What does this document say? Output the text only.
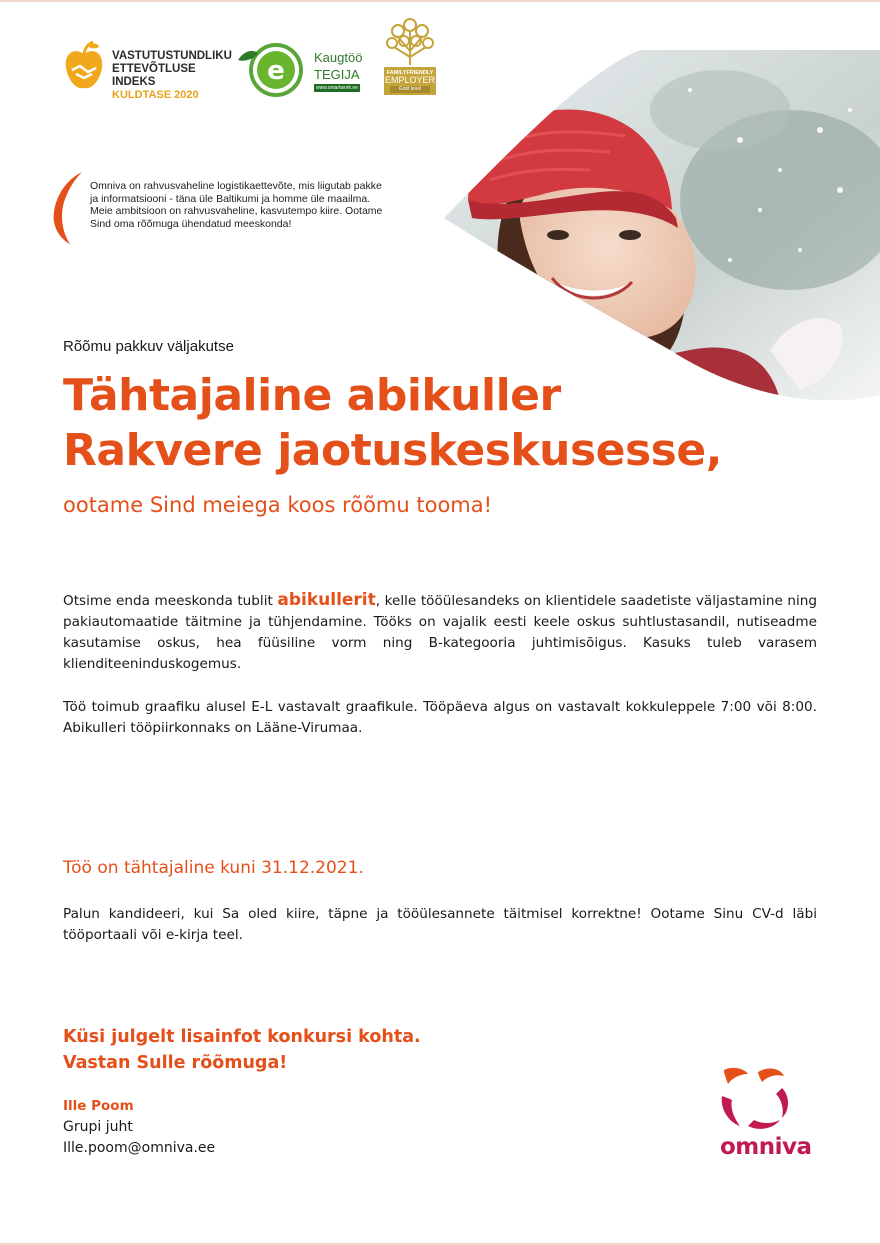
VASTUTUSTUNDLIKU
ETTEVÕTLUSE INDEKS
KULDTASE 2020
e Kaugtöö
TEGIJA
www.smartwork.ee
FAMILYFRIENDLY
EMPLOYER
Gold level

Omniva on rahvusvaheline logistikaettevõte, mis liigutab pakke ja informatsiooni - täna üle Baltikumi ja homme üle maailma. Meie ambitsioon on rahvusvaheline, kasvutempo kiire. Ootame Sind oma rõõmuga ühendatud meeskonda!

Rõõmu pakkuv väljakutse

Tähtajaline abikuller
Rakvere jaotuskeskusesse,

ootame Sind meiega koos rõõmu tooma!

Otsime enda meeskonda tublit abikullerit, kelle tööülesandeks on klientidele saadetiste väljastamine ning pakiautomaatide täitmine ja tühjendamine. Tööks on vajalik eesti keele oskus suhtlustasandil, nutiseadme kasutamise oskus, hea füüsiline vorm ning B-kategooria juhtimisõigus. Kasuks tuleb varasem klienditeeninduskogemus.

Töö toimub graafiku alusel E-L vastavalt graafikule. Tööpäeva algus on vastavalt kokkuleppele 7:00 või 8:00. Abikulleri tööpiirkonnaks on Lääne-Virumaa.

Töö on tähtajaline kuni 31.12.2021.

Palun kandideeri, kui Sa oled kiire, täpne ja tööülesannete täitmisel korrektne! Ootame Sinu CV-d läbi tööportaali või e-kirja teel.

Küsi julgelt lisainfot konkursi kohta.
Vastan Sulle rõõmuga!

Ille Poom
Grupi juht
Ille.poom@omniva.ee	omniva
